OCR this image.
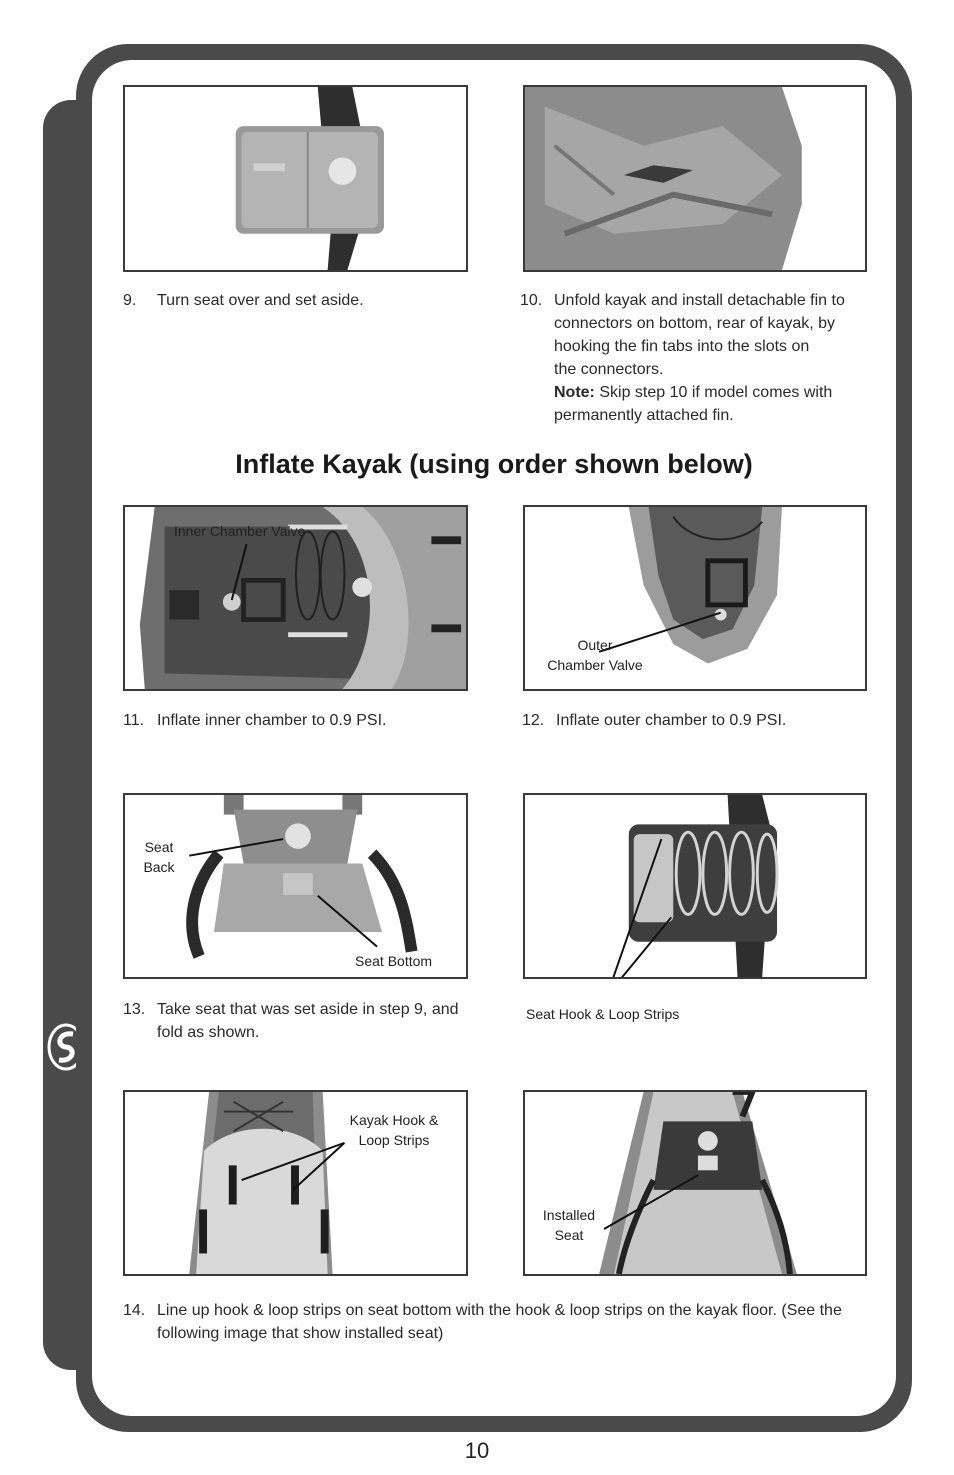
9. Turn seat over and set aside.	10. Unfold kayak and install detachable fin to
connectors on bottom, rear of kayak, by
hooking the fin tabs into the slots on
the connectors.
Note: Skip step 10 if model comes with
permanently attached fin.
Inflate Kayak (using order shown below)
Inner Chamber Valve
Outer
Chamber Valve
11. Inflate inner chamber to 0.9 PSI.	12. Inflate outer chamber to 0.9 PSI.
Seat
Back
Seat Bottom
13. Take seat that was set aside in step 9, and
fold as shown.
Seat Hook & Loop Strips
Kayak Hook &
Loop Strips
Installed
Seat
14. Line up hook & loop strips on seat bottom with the hook & loop strips on the kayak floor. (See the
following image that show installed seat)
10
